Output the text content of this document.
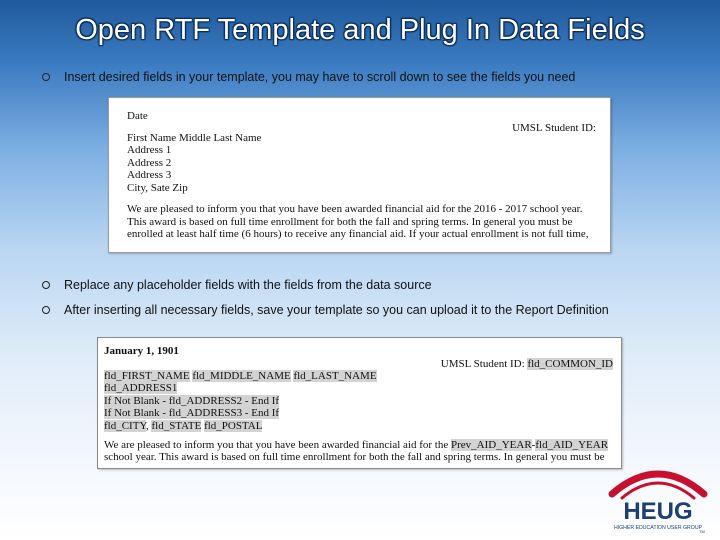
Open RTF Template and Plug In Data Fields
Insert desired fields in your template, you may have to scroll down to see the fields you need
Date
UMSL Student ID:
First Name Middle Last Name
Address 1
Address 2
Address 3
City, Sate Zip
We are pleased to inform you that you have been awarded financial aid for the 2016 - 2017 school year. This award is based on full time enrollment for both the fall and spring terms. In general you must be enrolled at least half time (6 hours) to receive any financial aid. If your actual enrollment is not full time,
Replace any placeholder fields with the fields from the data source
After inserting all necessary fields, save your template so you can upload it to the Report Definition
January 1, 1901
UMSL Student ID: fld_COMMON_ID
fld_FIRST_NAME fld_MIDDLE_NAME fld_LAST_NAME
fld_ADDRESS1
If Not Blank - fld_ADDRESS2 - End If
If Not Blank - fld_ADDRESS3 - End If
fld_CITY, fld_STATE fld_POSTAL
We are pleased to inform you that you have been awarded financial aid for the Prev_AID_YEAR-fld_AID_YEAR school year. This award is based on full time enrollment for both the fall and spring terms. In general you must be
HEUG
HIGHER EDUCATION USER GROUP
TM
